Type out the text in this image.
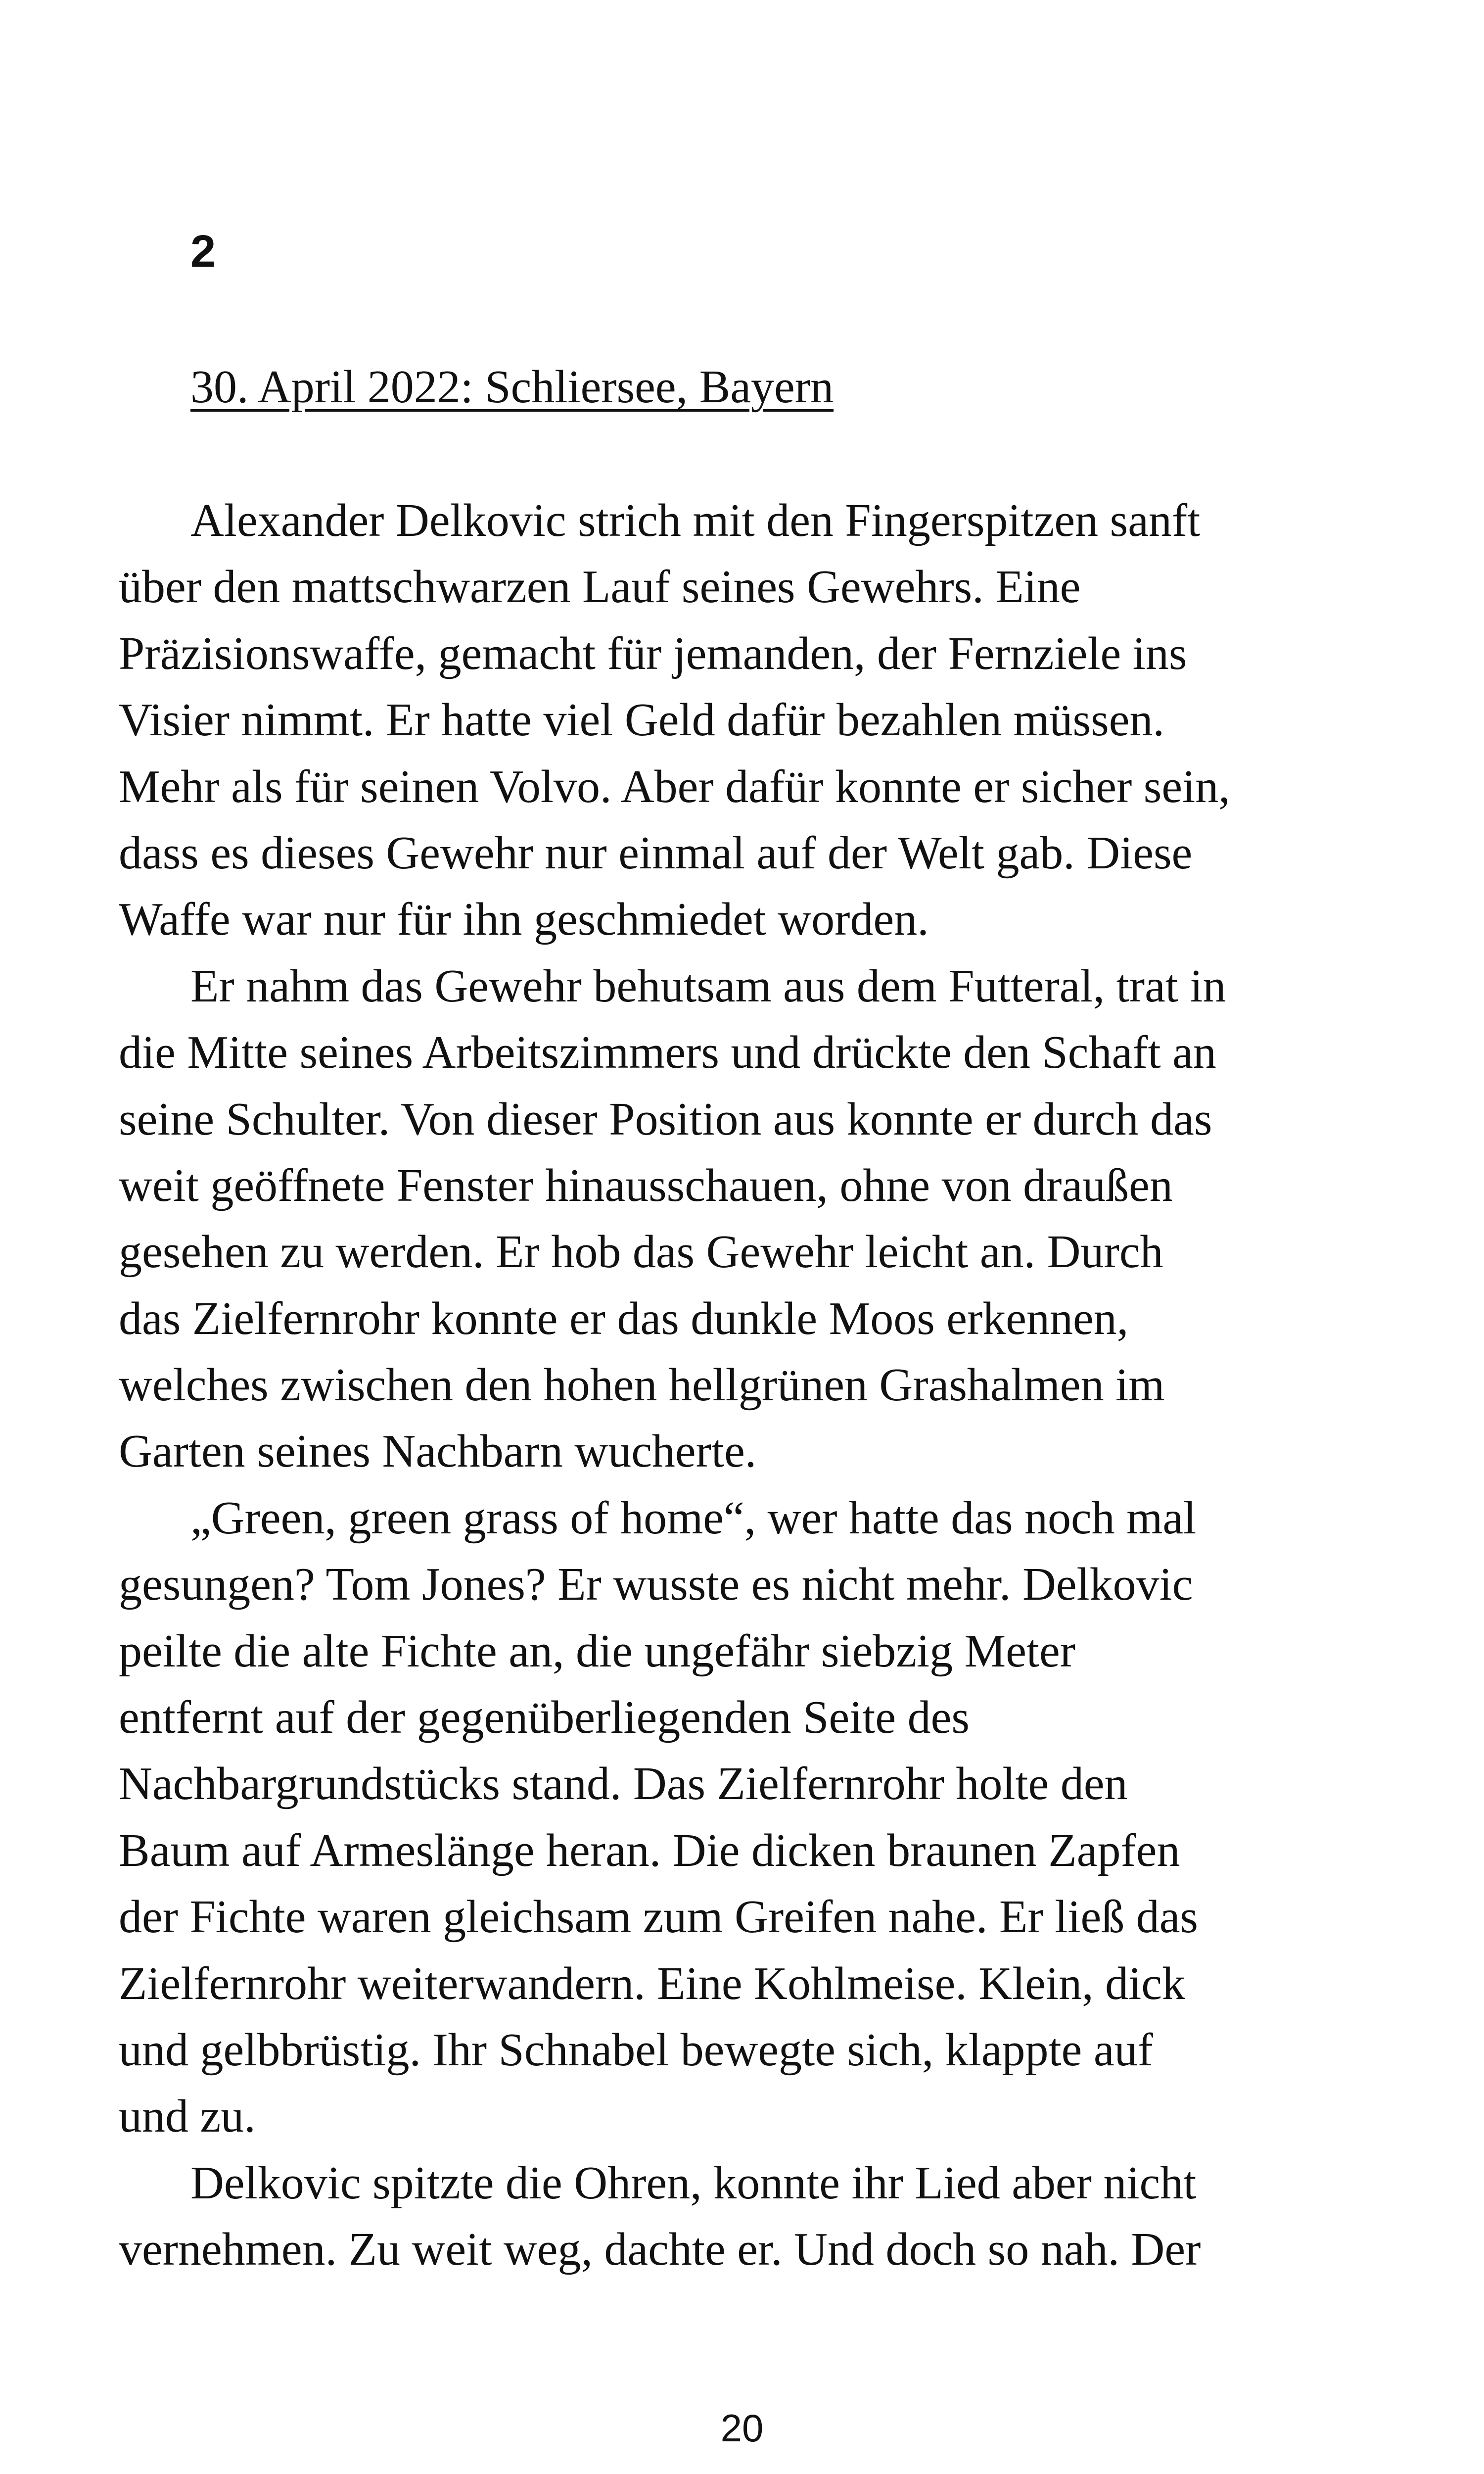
2
30. April 2022: Schliersee, Bayern
Alexander Delkovic strich mit den Fingerspitzen sanft
über den mattschwarzen Lauf seines Gewehrs. Eine
Präzisionswaffe, gemacht für jemanden, der Fernziele ins
Visier nimmt. Er hatte viel Geld dafür bezahlen müssen.
Mehr als für seinen Volvo. Aber dafür konnte er sicher sein,
dass es dieses Gewehr nur einmal auf der Welt gab. Diese
Waffe war nur für ihn geschmiedet worden.
Er nahm das Gewehr behutsam aus dem Futteral, trat in
die Mitte seines Arbeitszimmers und drückte den Schaft an
seine Schulter. Von dieser Position aus konnte er durch das
weit geöffnete Fenster hinausschauen, ohne von draußen
gesehen zu werden. Er hob das Gewehr leicht an. Durch
das Zielfernrohr konnte er das dunkle Moos erkennen,
welches zwischen den hohen hellgrünen Grashalmen im
Garten seines Nachbarn wucherte.
„Green, green grass of home“, wer hatte das noch mal
gesungen? Tom Jones? Er wusste es nicht mehr. Delkovic
peilte die alte Fichte an, die ungefähr siebzig Meter
entfernt auf der gegenüberliegenden Seite des
Nachbargrundstücks stand. Das Zielfernrohr holte den
Baum auf Armeslänge heran. Die dicken braunen Zapfen
der Fichte waren gleichsam zum Greifen nahe. Er ließ das
Zielfernrohr weiterwandern. Eine Kohlmeise. Klein, dick
und gelbbrüstig. Ihr Schnabel bewegte sich, klappte auf
und zu.
Delkovic spitzte die Ohren, konnte ihr Lied aber nicht
vernehmen. Zu weit weg, dachte er. Und doch so nah. Der
20
